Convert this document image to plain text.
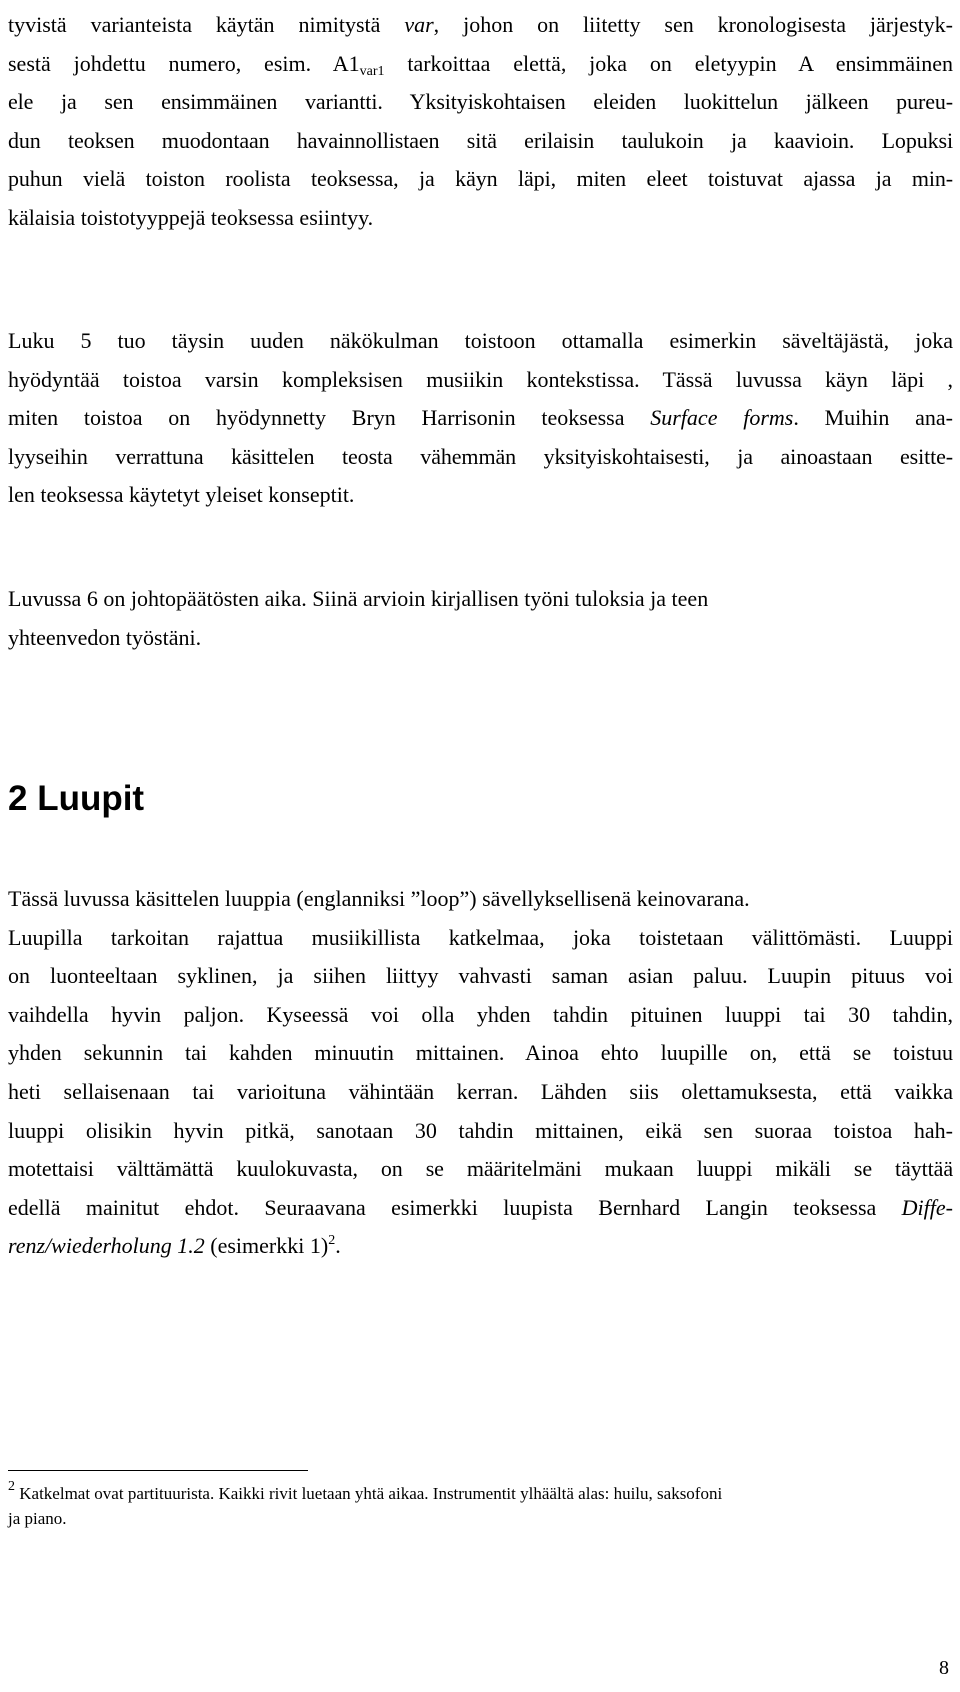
tyvistä varianteista käytän nimitystä var, johon on liitetty sen kronologisesta järjestyk-
sestä johdettu numero, esim. $A1_{var1}$ tarkoittaa elettä, joka on eletyypin A ensimmäinen
ele ja sen ensimmäinen variantti. Yksityiskohtaisen eleiden luokittelun jälkeen pureu-
dun teoksen muodontaan havainnollistaen sitä erilaisin taulukoin ja kaavioin. Lopuksi
puhun vielä toiston roolista teoksessa, ja käyn läpi, miten eleet toistuvat ajassa ja min-
kälaisia toistotyyppejä teoksessa esiintyy.
Luku 5 tuo täysin uuden näkökulman toistoon ottamalla esimerkin säveltäjästä, joka
hyödyntää toistoa varsin kompleksisen musiikin kontekstissa. Tässä luvussa käyn läpi ,
miten toistoa on hyödynnetty Bryn Harrisonin teoksessa Surface forms. Muihin ana-
lyyseihin verrattuna käsittelen teosta vähemmän yksityiskohtaisesti, ja ainoastaan esitte-
len teoksessa käytetyt yleiset konseptit.
Luvussa 6 on johtopäätösten aika. Siinä arvioin kirjallisen työni tuloksia ja teen
yhteenvedon työstäni.
2 Luupit
Tässä luvussa käsittelen luuppia (englanniksi ”loop”) sävellyksellisenä keinovarana.
Luupilla tarkoitan rajattua musiikillista katkelmaa, joka toistetaan välittömästi. Luuppi
on luonteeltaan syklinen, ja siihen liittyy vahvasti saman asian paluu. Luupin pituus voi
vaihdella hyvin paljon. Kyseessä voi olla yhden tahdin pituinen luuppi tai 30 tahdin,
yhden sekunnin tai kahden minuutin mittainen. Ainoa ehto luupille on, että se toistuu
heti sellaisenaan tai varioituna vähintään kerran. Lähden siis olettamuksesta, että vaikka
luuppi olisikin hyvin pitkä, sanotaan 30 tahdin mittainen, eikä sen suoraa toistoa hah-
motettaisi välttämättä kuulokuvasta, on se määritelmäni mukaan luuppi mikäli se täyttää
edellä mainitut ehdot. Seuraavana esimerkki luupista Bernhard Langin teoksessa Diffe-
renz/wiederholung 1.2 (esimerkki 1)$^2$.

$^2$ Katkelmat ovat partituurista. Kaikki rivit luetaan yhtä aikaa. Instrumentit ylhäältä alas: huilu, saksofoni
ja piano.

8
